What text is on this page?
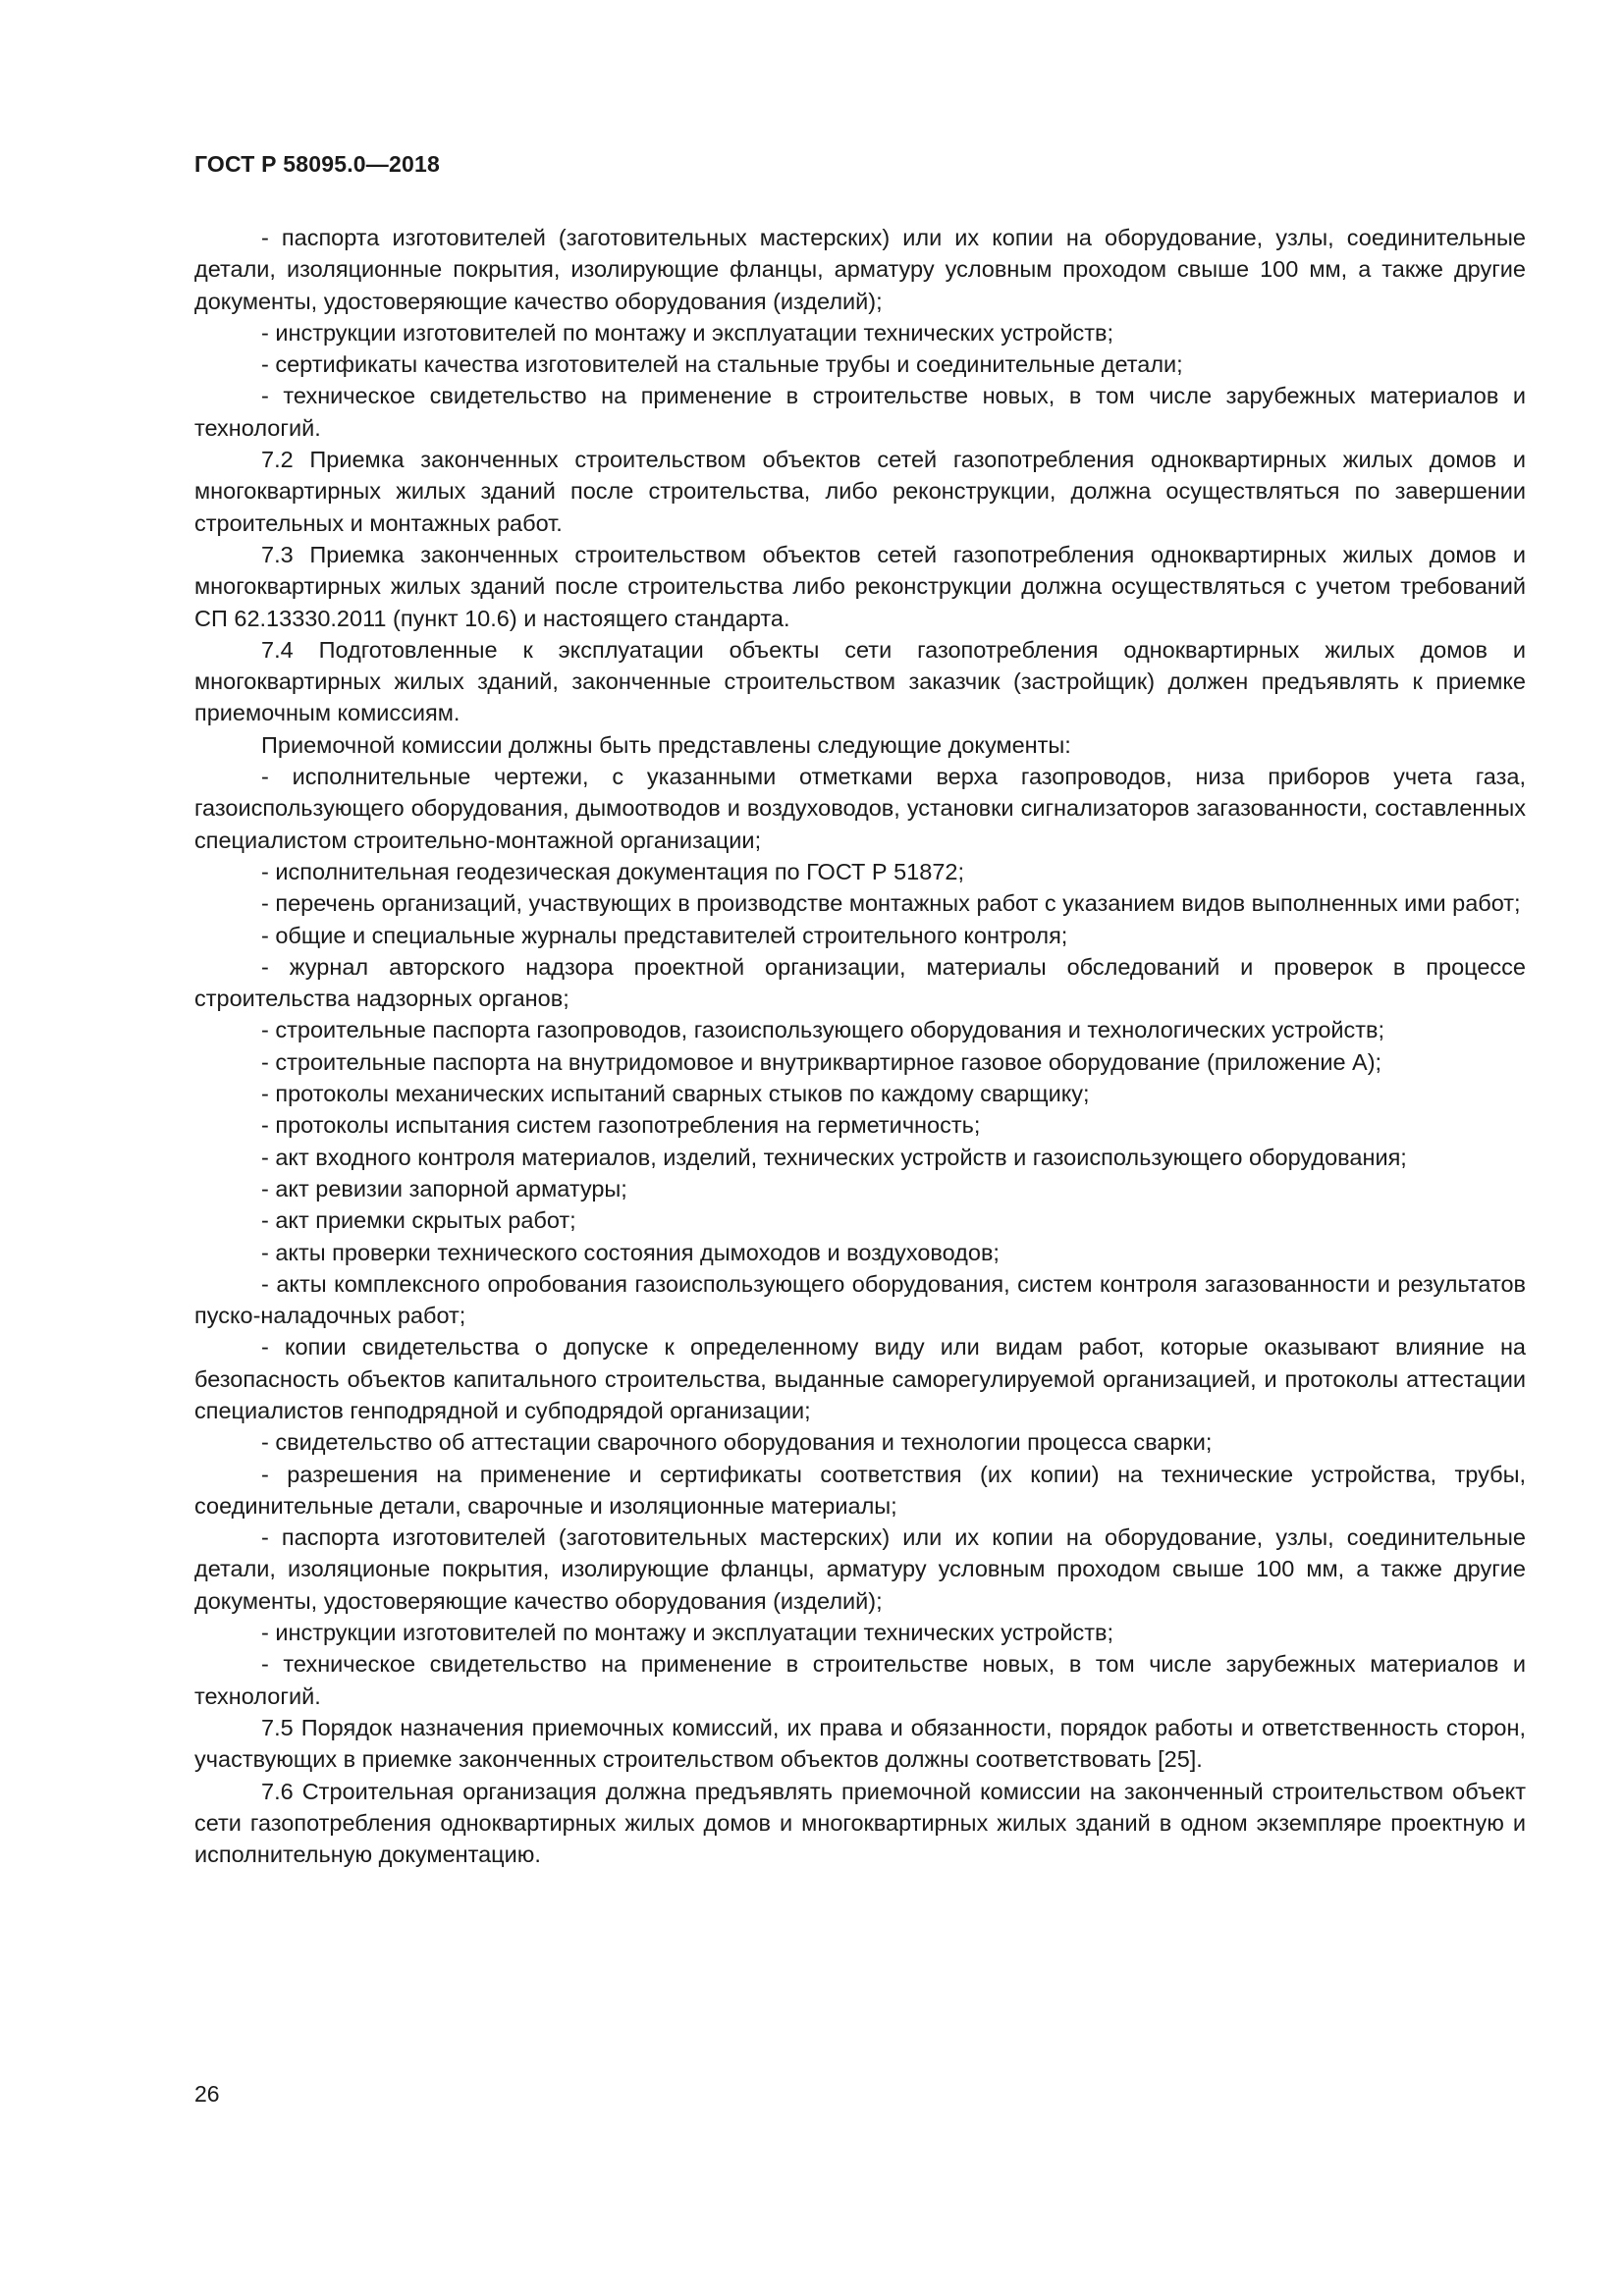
ГОСТ Р 58095.0—2018

- паспорта изготовителей (заготовительных мастерских) или их копии на оборудование, узлы, соединительные детали, изоляционные покрытия, изолирующие фланцы, арматуру условным проходом свыше 100 мм, а также другие документы, удостоверяющие качество оборудования (изделий);

- инструкции изготовителей по монтажу и эксплуатации технических устройств;

- сертификаты качества изготовителей на стальные трубы и соединительные детали;

- техническое свидетельство на применение в строительстве новых, в том числе зарубежных материалов и технологий.

7.2 Приемка законченных строительством объектов сетей газопотребления одноквартирных жилых домов и многоквартирных жилых зданий после строительства, либо реконструкции, должна осуществляться по завершении строительных и монтажных работ.

7.3 Приемка законченных строительством объектов сетей газопотребления одноквартирных жилых домов и многоквартирных жилых зданий после строительства либо реконструкции должна осуществляться с учетом требований СП 62.13330.2011 (пункт 10.6) и настоящего стандарта.

7.4 Подготовленные к эксплуатации объекты сети газопотребления одноквартирных жилых домов и многоквартирных жилых зданий, законченные строительством заказчик (застройщик) должен предъявлять к приемке приемочным комиссиям.

Приемочной комиссии должны быть представлены следующие документы:

- исполнительные чертежи, с указанными отметками верха газопроводов, низа приборов учета газа, газоиспользующего оборудования, дымоотводов и воздуховодов, установки сигнализаторов загазованности, составленных специалистом строительно-монтажной организации;

- исполнительная геодезическая документация по ГОСТ Р 51872;

- перечень организаций, участвующих в производстве монтажных работ с указанием видов выполненных ими работ;

- общие и специальные журналы представителей строительного контроля;

- журнал авторского надзора проектной организации, материалы обследований и проверок в процессе строительства надзорных органов;

- строительные паспорта газопроводов, газоиспользующего оборудования и технологических устройств;

- строительные паспорта на внутридомовое и внутриквартирное газовое оборудование (приложение А);

- протоколы механических испытаний сварных стыков по каждому сварщику;

- протоколы испытания систем газопотребления на герметичность;

- акт входного контроля материалов, изделий, технических устройств и газоиспользующего оборудования;

- акт ревизии запорной арматуры;

- акт приемки скрытых работ;

- акты проверки технического состояния дымоходов и воздуховодов;

- акты комплексного опробования газоиспользующего оборудования, систем контроля загазованности и результатов пуско-наладочных работ;

- копии свидетельства о допуске к определенному виду или видам работ, которые оказывают влияние на безопасность объектов капитального строительства, выданные саморегулируемой организацией, и протоколы аттестации специалистов генподрядной и субподрядой организации;

- свидетельство об аттестации сварочного оборудования и технологии процесса сварки;

- разрешения на применение и сертификаты соответствия (их копии) на технические устройства, трубы, соединительные детали, сварочные и изоляционные материалы;

- паспорта изготовителей (заготовительных мастерских) или их копии на оборудование, узлы, соединительные детали, изоляционые покрытия, изолирующие фланцы, арматуру условным проходом свыше 100 мм, а также другие документы, удостоверяющие качество оборудования (изделий);

- инструкции изготовителей по монтажу и эксплуатации технических устройств;

- техническое свидетельство на применение в строительстве новых, в том числе зарубежных материалов и технологий.

7.5 Порядок назначения приемочных комиссий, их права и обязанности, порядок работы и ответственность сторон, участвующих в приемке законченных строительством объектов должны соответствовать [25].

7.6 Строительная организация должна предъявлять приемочной комиссии на законченный строительством объект сети газопотребления одноквартирных жилых домов и многоквартирных жилых зданий в одном экземпляре проектную и исполнительную документацию.

26
